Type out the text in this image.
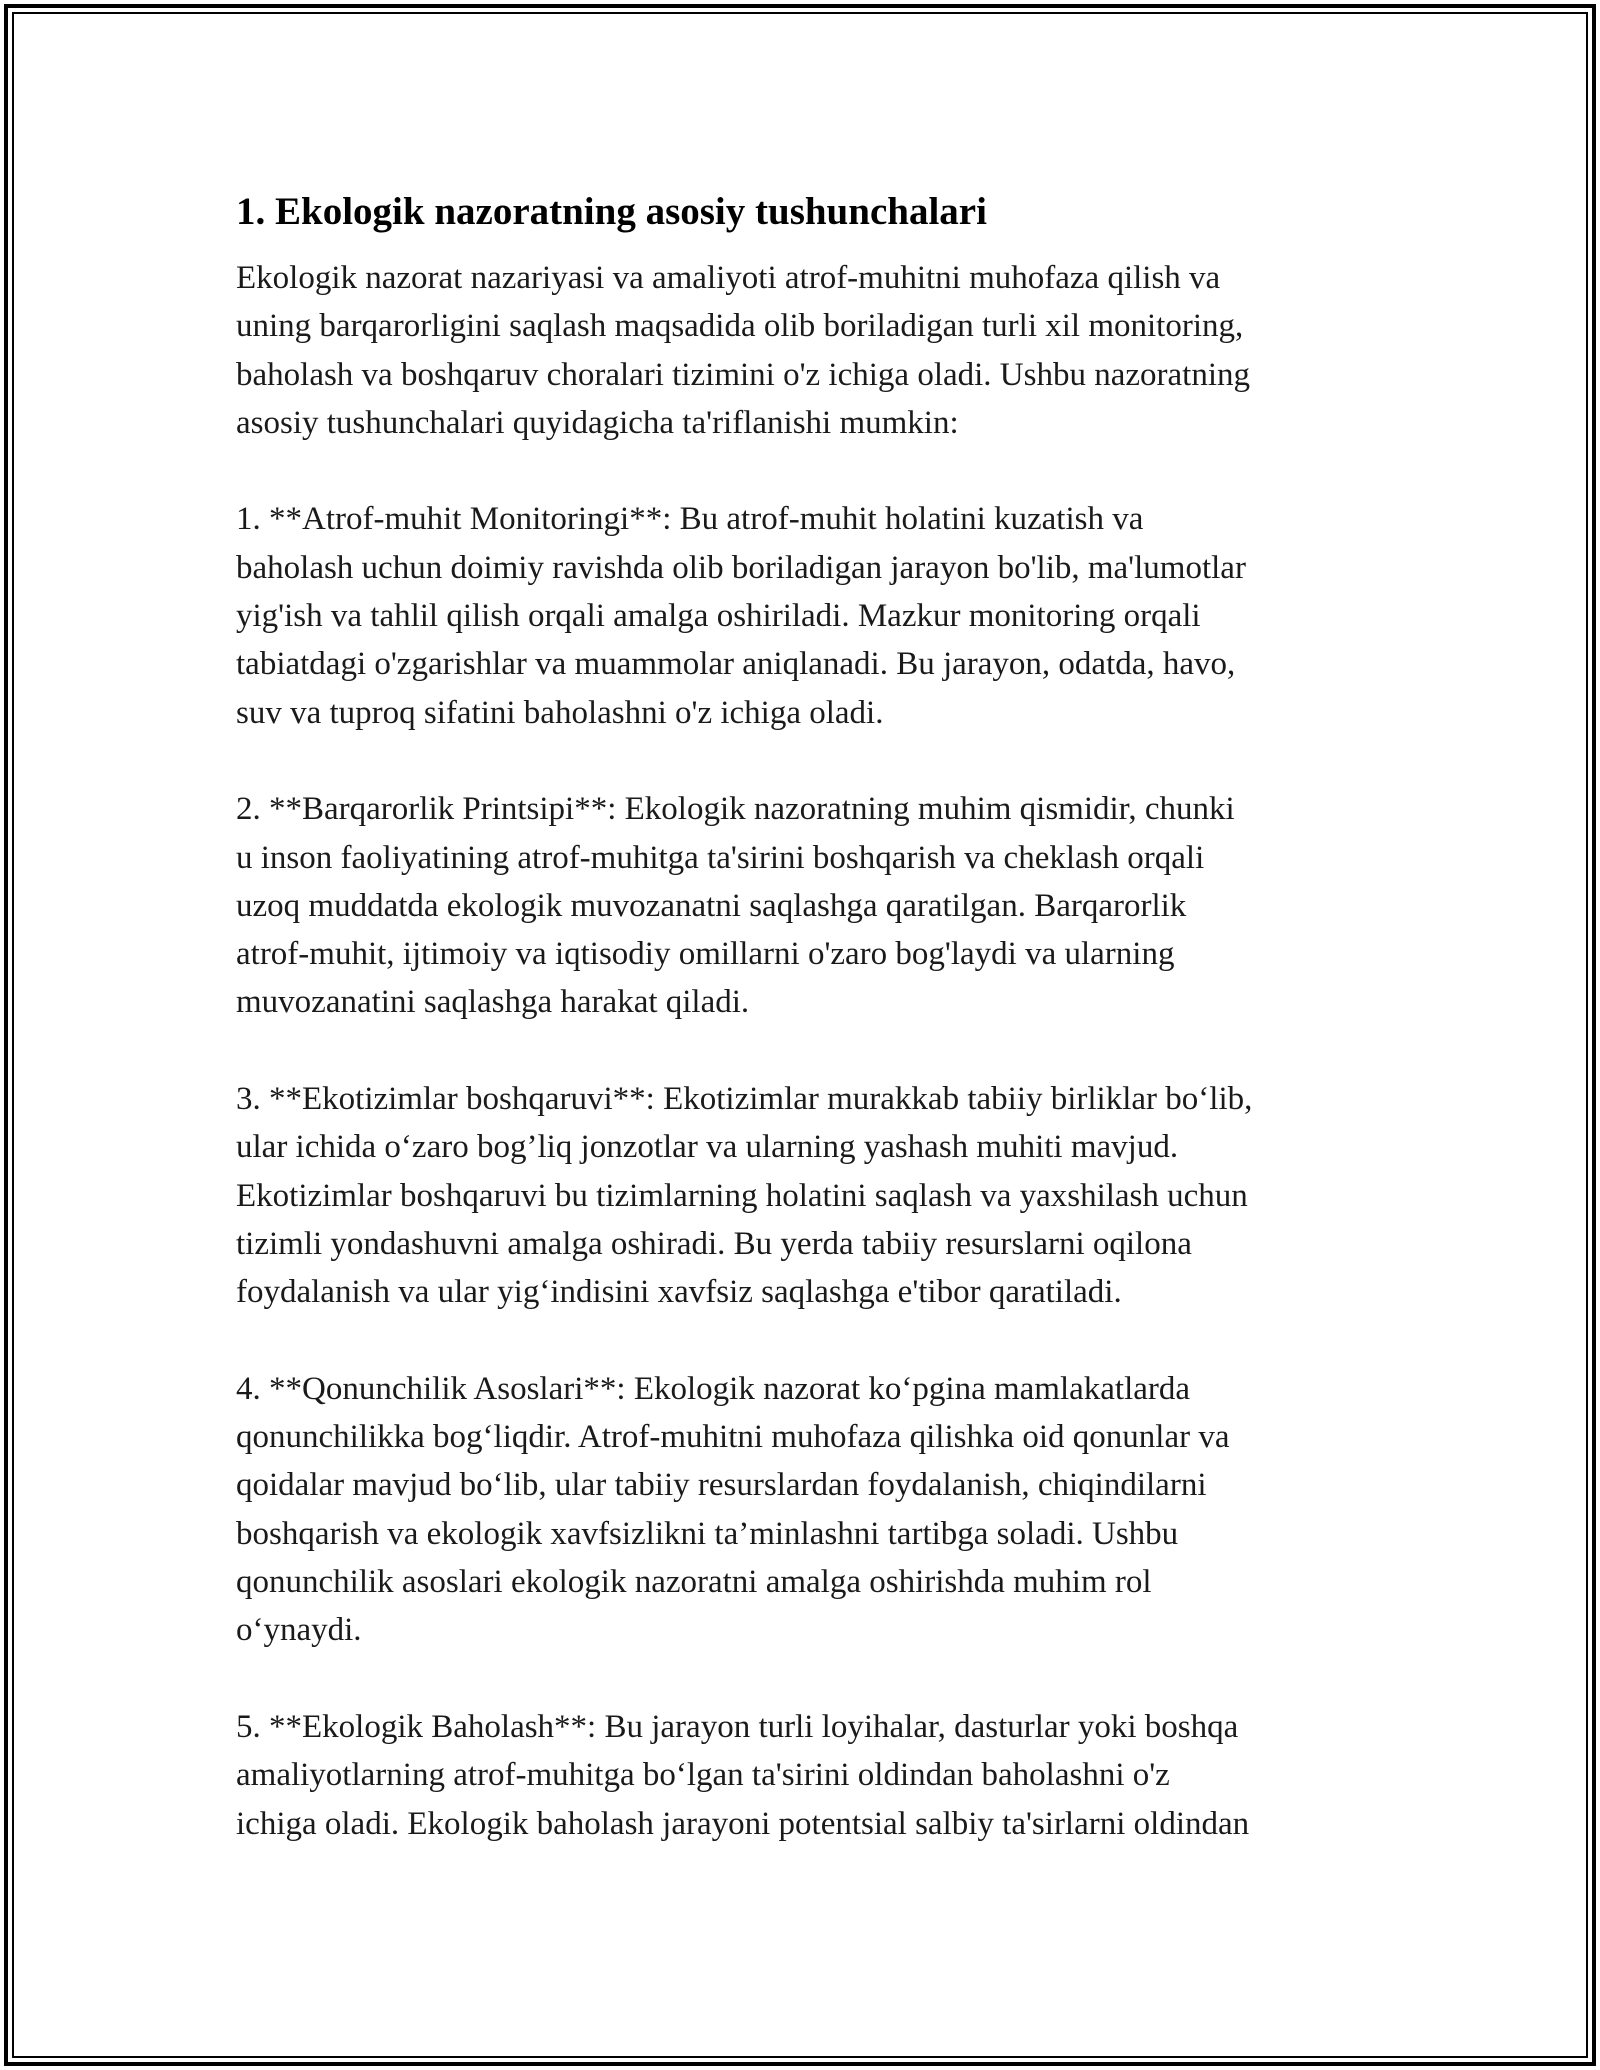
1. Ekologik nazoratning asosiy tushunchalari

Ekologik nazorat nazariyasi va amaliyoti atrof-muhitni muhofaza qilish va
uning barqarorligini saqlash maqsadida olib boriladigan turli xil monitoring,
baholash va boshqaruv choralari tizimini o'z ichiga oladi. Ushbu nazoratning
asosiy tushunchalari quyidagicha ta'riflanishi mumkin:

1. **Atrof-muhit Monitoringi**: Bu atrof-muhit holatini kuzatish va
baholash uchun doimiy ravishda olib boriladigan jarayon bo'lib, ma'lumotlar
yig'ish va tahlil qilish orqali amalga oshiriladi. Mazkur monitoring orqali
tabiatdagi o'zgarishlar va muammolar aniqlanadi. Bu jarayon, odatda, havo,
suv va tuproq sifatini baholashni o'z ichiga oladi.

2. **Barqarorlik Printsipi**: Ekologik nazoratning muhim qismidir, chunki
u inson faoliyatining atrof-muhitga ta'sirini boshqarish va cheklash orqali
uzoq muddatda ekologik muvozanatni saqlashga qaratilgan. Barqarorlik
atrof-muhit, ijtimoiy va iqtisodiy omillarni o'zaro bog'laydi va ularning
muvozanatini saqlashga harakat qiladi.

3. **Ekotizimlar boshqaruvi**: Ekotizimlar murakkab tabiiy birliklar bo‘lib,
ular ichida o‘zaro bog’liq jonzotlar va ularning yashash muhiti mavjud.
Ekotizimlar boshqaruvi bu tizimlarning holatini saqlash va yaxshilash uchun
tizimli yondashuvni amalga oshiradi. Bu yerda tabiiy resurslarni oqilona
foydalanish va ular yig‘indisini xavfsiz saqlashga e'tibor qaratiladi.

4. **Qonunchilik Asoslari**: Ekologik nazorat ko‘pgina mamlakatlarda
qonunchilikka bog‘liqdir. Atrof-muhitni muhofaza qilishka oid qonunlar va
qoidalar mavjud bo‘lib, ular tabiiy resurslardan foydalanish, chiqindilarni
boshqarish va ekologik xavfsizlikni ta’minlashni tartibga soladi. Ushbu
qonunchilik asoslari ekologik nazoratni amalga oshirishda muhim rol
o‘ynaydi.

5. **Ekologik Baholash**: Bu jarayon turli loyihalar, dasturlar yoki boshqa
amaliyotlarning atrof-muhitga bo‘lgan ta'sirini oldindan baholashni o'z
ichiga oladi. Ekologik baholash jarayoni potentsial salbiy ta'sirlarni oldindan
